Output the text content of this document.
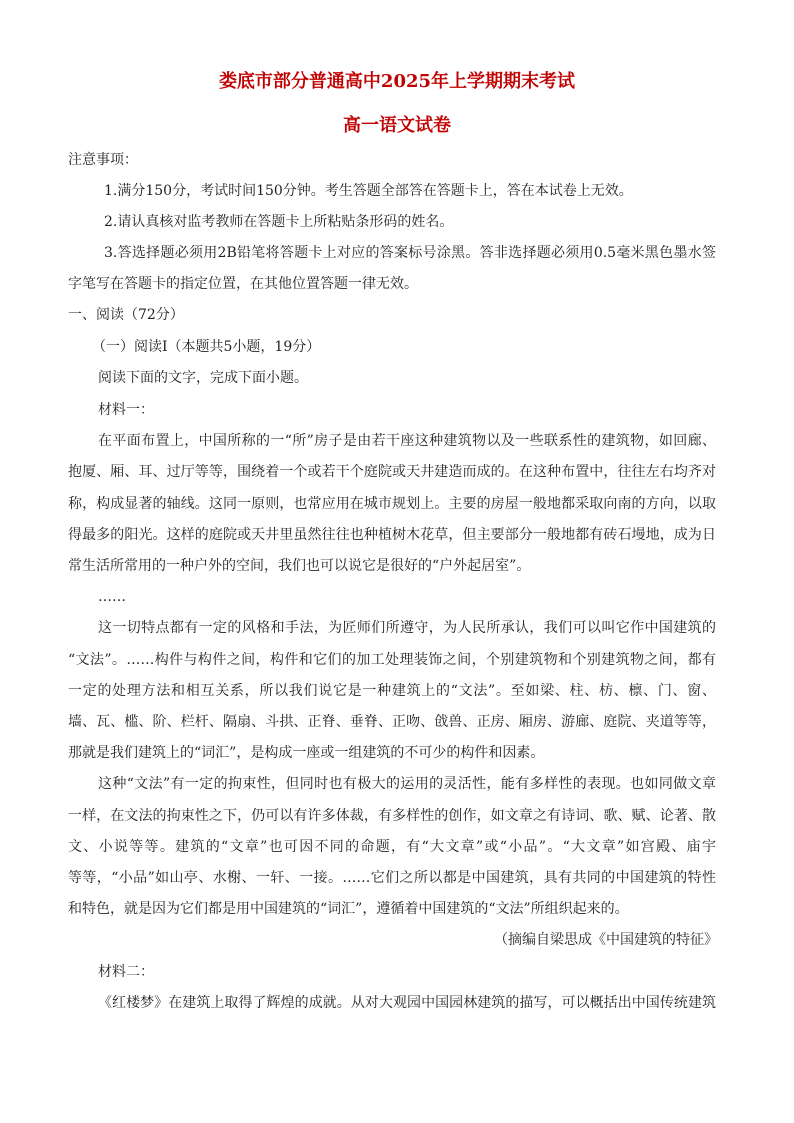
娄底市部分普通高中2025年上学期期末考试
高一语文试卷
注意事项：
1.满分150分，考试时间150分钟。考生答题全部答在答题卡上，答在本试卷上无效。
2.请认真核对监考教师在答题卡上所粘贴条形码的姓名。
3.答选择题必须用2B铅笔将答题卡上对应的答案标号涂黑。答非选择题必须用0.5毫米黑色墨水签
字笔写在答题卡的指定位置，在其他位置答题一律无效。
一、阅读（72分）
（一）阅读Ⅰ（本题共5小题，19分）
阅读下面的文字，完成下面小题。
材料一：
在平面布置上，中国所称的一“所”房子是由若干座这种建筑物以及一些联系性的建筑物，如回廊、
抱厦、厢、耳、过厅等等，围绕着一个或若干个庭院或天井建造而成的。在这种布置中，往往左右均齐对
称，构成显著的轴线。这同一原则，也常应用在城市规划上。主要的房屋一般地都采取向南的方向，以取
得最多的阳光。这样的庭院或天井里虽然往往也种植树木花草，但主要部分一般地都有砖石墁地，成为日
常生活所常用的一种户外的空间，我们也可以说它是很好的“户外起居室”。
……
这一切特点都有一定的风格和手法，为匠师们所遵守，为人民所承认，我们可以叫它作中国建筑的
“文法”。……构件与构件之间，构件和它们的加工处理装饰之间，个别建筑物和个别建筑物之间，都有
一定的处理方法和相互关系，所以我们说它是一种建筑上的“文法”。至如梁、柱、枋、檩、门、窗、
墙、瓦、槛、阶、栏杆、隔扇、斗拱、正脊、垂脊、正吻、戗兽、正房、厢房、游廊、庭院、夹道等等，
那就是我们建筑上的“词汇”，是构成一座或一组建筑的不可少的构件和因素。
这种“文法”有一定的拘束性，但同时也有极大的运用的灵活性，能有多样性的表现。也如同做文章
一样，在文法的拘束性之下，仍可以有许多体裁，有多样性的创作，如文章之有诗词、歌、赋、论著、散
文、小说等等。建筑的“文章”也可因不同的命题，有“大文章”或“小品”。“大文章”如宫殿、庙宇
等等，“小品”如山亭、水榭、一轩、一接。……它们之所以都是中国建筑，具有共同的中国建筑的特性
和特色，就是因为它们都是用中国建筑的“词汇”，遵循着中国建筑的“文法”所组织起来的。
（摘编自梁思成《中国建筑的特征》
材料二：
《红楼梦》在建筑上取得了辉煌的成就。从对大观园中国园林建筑的描写，可以概括出中国传统建筑
